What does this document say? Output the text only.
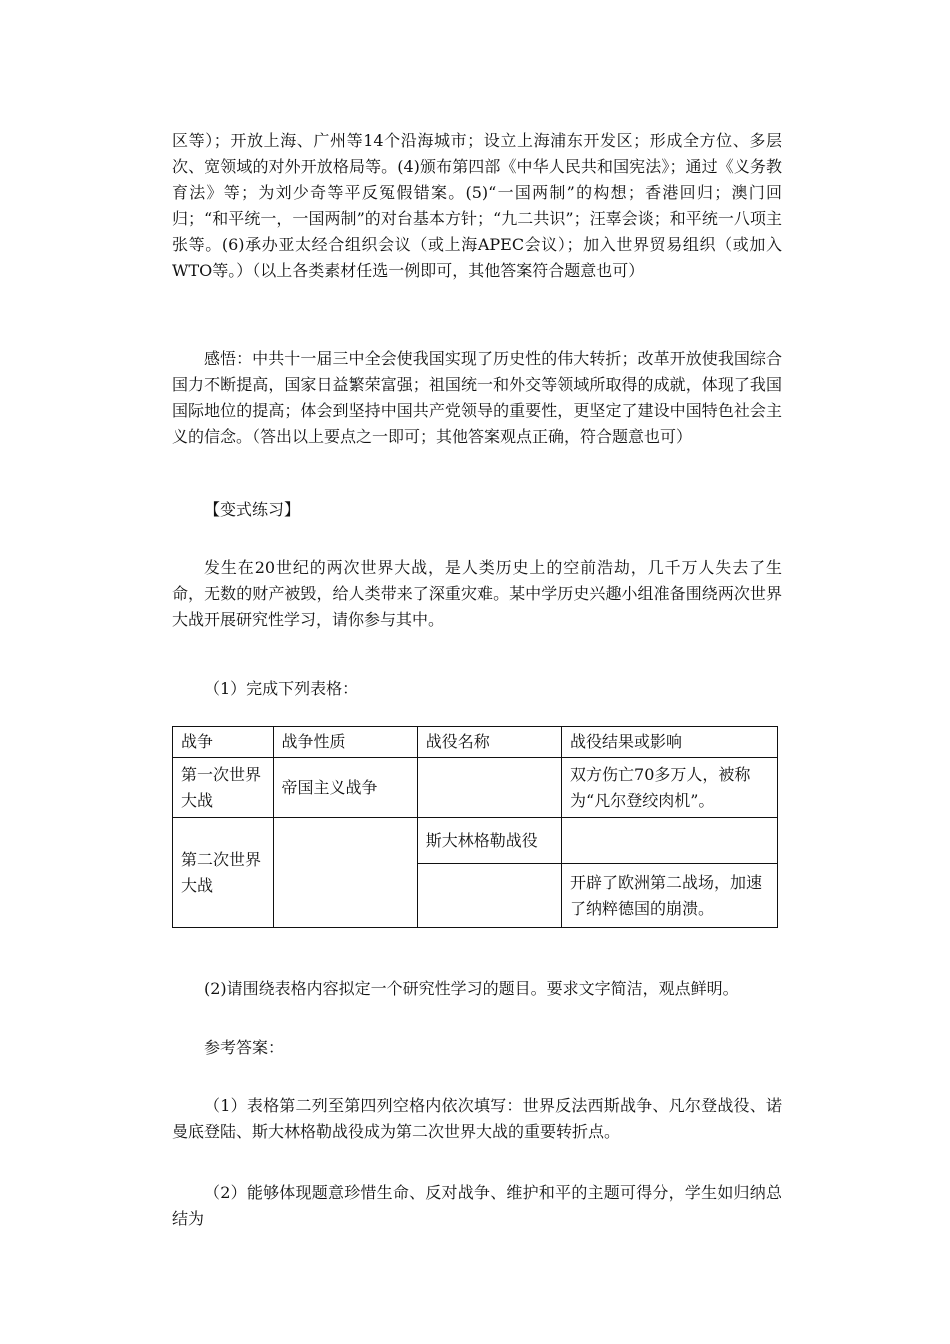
区等）；开放上海、广州等14个沿海城市；设立上海浦东开发区；形成全方位、多层次、宽领域的对外开放格局等。(4)颁布第四部《中华人民共和国宪法》；通过《义务教育法》等；为刘少奇等平反冤假错案。(5)“一国两制”的构想；香港回归；澳门回归；“和平统一，一国两制”的对台基本方针；“九二共识”；汪辜会谈；和平统一八项主张等。(6)承办亚太经合组织会议（或上海APEC会议）；加入世界贸易组织（或加入WTO等。）（以上各类素材任选一例即可，其他答案符合题意也可）

感悟：中共十一届三中全会使我国实现了历史性的伟大转折；改革开放使我国综合国力不断提高，国家日益繁荣富强；祖国统一和外交等领域所取得的成就，体现了我国国际地位的提高；体会到坚持中国共产党领导的重要性，更坚定了建设中国特色社会主义的信念。（答出以上要点之一即可；其他答案观点正确，符合题意也可）

【变式练习】

发生在20世纪的两次世界大战，是人类历史上的空前浩劫，几千万人失去了生命，无数的财产被毁，给人类带来了深重灾难。某中学历史兴趣小组准备围绕两次世界大战开展研究性学习，请你参与其中。

（1）完成下列表格：

战争	战争性质	战役名称	战役结果或影响
第一次世界大战	帝国主义战争		双方伤亡70多万人，被称为“凡尔登绞肉机”。
第二次世界大战		斯大林格勒战役	
			开辟了欧洲第二战场，加速了纳粹德国的崩溃。

(2)请围绕表格内容拟定一个研究性学习的题目。要求文字简洁，观点鲜明。

参考答案：

（1）表格第二列至第四列空格内依次填写：世界反法西斯战争、凡尔登战役、诺曼底登陆、斯大林格勒战役成为第二次世界大战的重要转折点。

（2）能够体现题意珍惜生命、反对战争、维护和平的主题可得分，学生如归纳总结为
